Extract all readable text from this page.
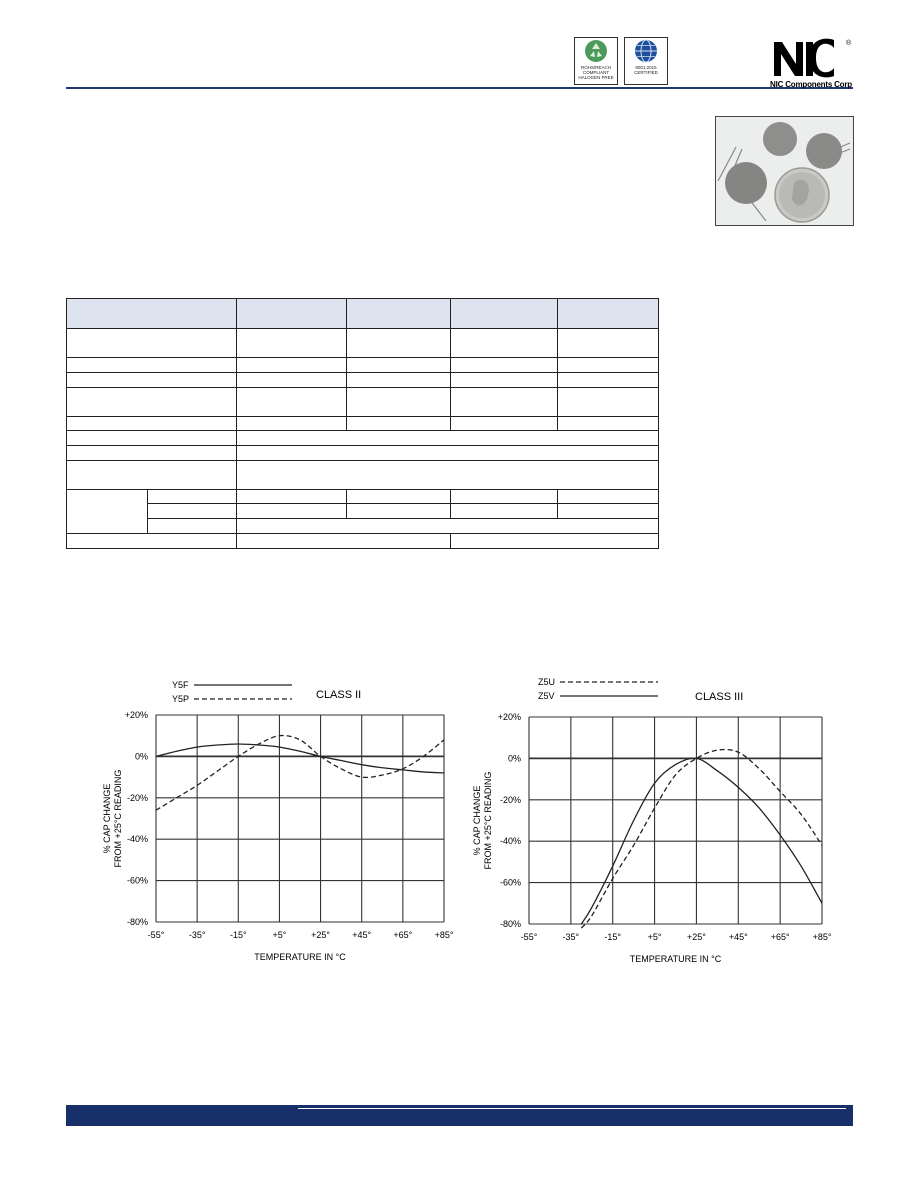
ROHS/REACH
COMPLIANT
HALOGEN FREE
9001:2015
CERTIFIED
®
NIC Components Corp

-55°	-35°	-15°	+5°	+25° +45° +65° +85°
+20%
0%
-20%
-40%
-60%
-80%
Y5F
Y5P	CLASS II
TEMPERATURE IN °C
% CAP CHANGE FROM +25°C READING
-55°	-35°	-15°	+5°	+25°	+45°	+65°	+85°
+20%
0%
-20%
-40%
-60%
-80%
Z5U
Z5V	CLASS III
TEMPERATURE IN °C
% CAP CHANGE FROM +25°C READING
